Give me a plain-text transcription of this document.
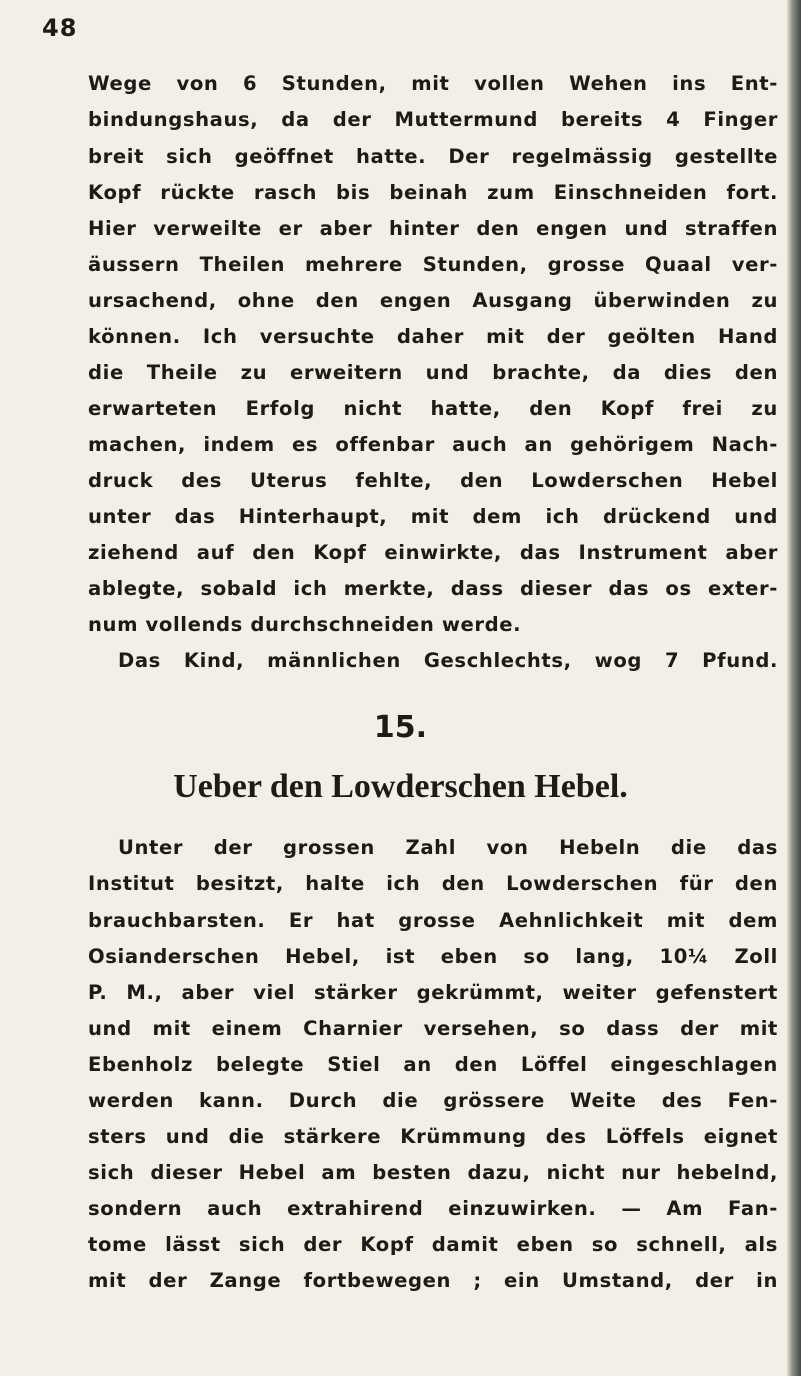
48
Wege von 6 Stunden, mit vollen Wehen ins Ent-
bindungshaus, da der Muttermund bereits 4 Finger
breit sich geöffnet hatte. Der regelmässig gestellte
Kopf rückte rasch bis beinah zum Einschneiden fort.
Hier verweilte er aber hinter den engen und straffen
äussern Theilen mehrere Stunden, grosse Quaal ver-
ursachend, ohne den engen Ausgang überwinden zu
können. Ich versuchte daher mit der geölten Hand
die Theile zu erweitern und brachte, da dies den
erwarteten Erfolg nicht hatte, den Kopf frei zu
machen, indem es offenbar auch an gehörigem Nach-
druck des Uterus fehlte, den Lowderschen Hebel
unter das Hinterhaupt, mit dem ich drückend und
ziehend auf den Kopf einwirkte, das Instrument aber
ablegte, sobald ich merkte, dass dieser das os exter-
num vollends durchschneiden werde.
Das Kind, männlichen Geschlechts, wog 7 Pfund.
15.
Ueber den Lowderschen Hebel.
Unter der grossen Zahl von Hebeln die das
Institut besitzt, halte ich den Lowderschen für den
brauchbarsten. Er hat grosse Aehnlichkeit mit dem
Osianderschen Hebel, ist eben so lang, 10¼ Zoll
P. M., aber viel stärker gekrümmt, weiter gefenstert
und mit einem Charnier versehen, so dass der mit
Ebenholz belegte Stiel an den Löffel eingeschlagen
werden kann. Durch die grössere Weite des Fen-
sters und die stärkere Krümmung des Löffels eignet
sich dieser Hebel am besten dazu, nicht nur hebelnd,
sondern auch extrahirend einzuwirken. — Am Fan-
tome lässt sich der Kopf damit eben so schnell, als
mit der Zange fortbewegen ; ein Umstand, der in
